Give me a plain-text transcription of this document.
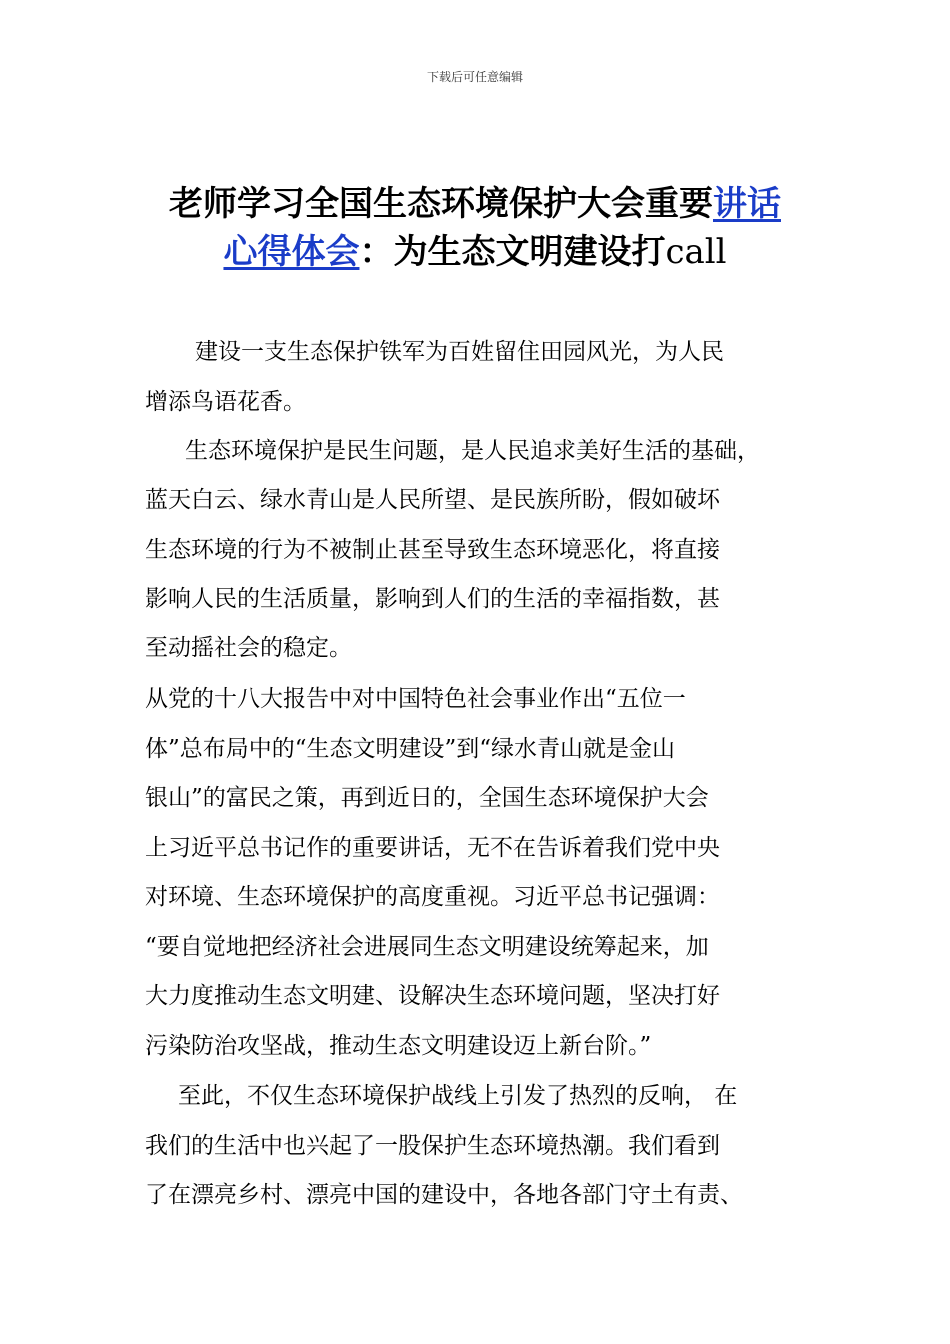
下载后可任意编辑
老师学习全国生态环境保护大会重要讲话
心得体会：为生态文明建设打call
建设一支生态保护铁军为百姓留住田园风光，为人民
增添鸟语花香。
生态环境保护是民生问题，是人民追求美好生活的基础，
蓝天白云、绿水青山是人民所望、是民族所盼，假如破坏
生态环境的行为不被制止甚至导致生态环境恶化，将直接
影响人民的生活质量，影响到人们的生活的幸福指数，甚
至动摇社会的稳定。
从党的十八大报告中对中国特色社会事业作出“五位一
体”总布局中的“生态文明建设”到“绿水青山就是金山
银山”的富民之策，再到近日的，全国生态环境保护大会
上习近平总书记作的重要讲话，无不在告诉着我们党中央
对环境、生态环境保护的高度重视。习近平总书记强调：
“要自觉地把经济社会进展同生态文明建设统筹起来，加
大力度推动生态文明建、设解决生态环境问题，坚决打好
污染防治攻坚战，推动生态文明建设迈上新台阶。”
至此，不仅生态环境保护战线上引发了热烈的反响， 在
我们的生活中也兴起了一股保护生态环境热潮。我们看到
了在漂亮乡村、漂亮中国的建设中，各地各部门守土有责、
